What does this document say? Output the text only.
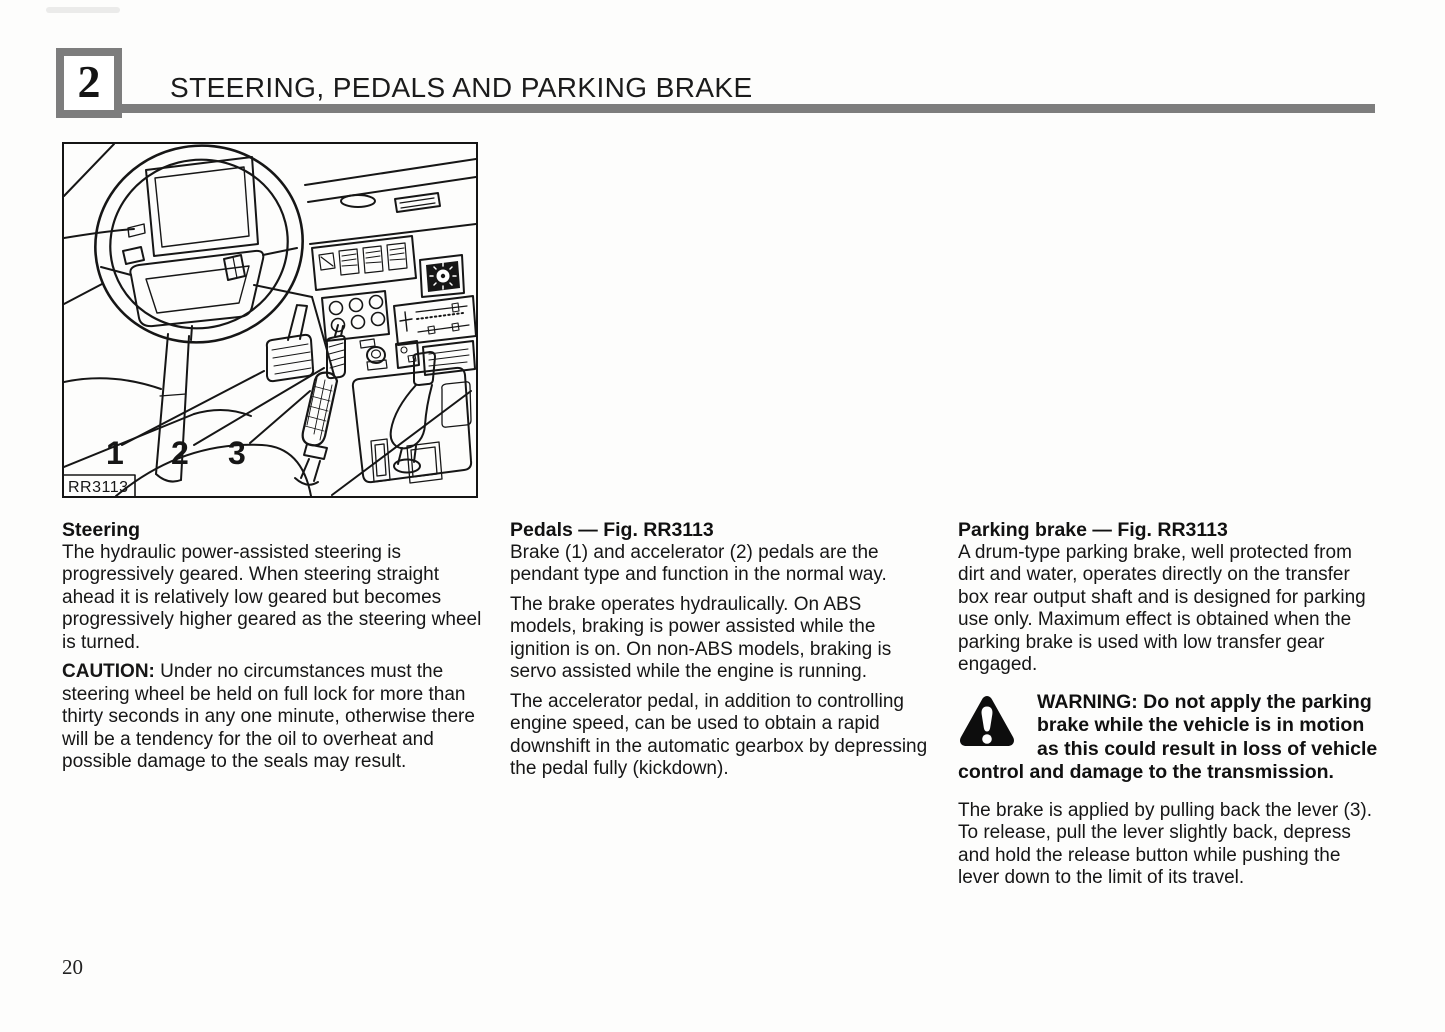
2 STEERING, PEDALS AND PARKING BRAKE
1 2 3
RR3113
Steering

The hydraulic power-assisted steering is progressively geared. When steering straight ahead it is relatively low geared but becomes progressively higher geared as the steering wheel is turned.

CAUTION: Under no circumstances must the steering wheel be held on full lock for more than thirty seconds in any one minute, otherwise there will be a tendency for the oil to overheat and possible damage to the seals may result.

Pedals — Fig. RR3113

Brake (1) and accelerator (2) pedals are the pendant type and function in the normal way.

The brake operates hydraulically. On ABS models, braking is power assisted while the ignition is on. On non-ABS models, braking is servo assisted while the engine is running.

The accelerator pedal, in addition to controlling engine speed, can be used to obtain a rapid downshift in the automatic gearbox by depressing the pedal fully (kickdown).

Parking brake — Fig. RR3113

A drum-type parking brake, well protected from dirt and water, operates directly on the transfer box rear output shaft and is designed for parking use only. Maximum effect is obtained when the parking brake is used with low transfer gear engaged.

WARNING: Do not apply the parking brake while the vehicle is in motion as this could result in loss of vehicle control and damage to the transmission.

The brake is applied by pulling back the lever (3). To release, pull the lever slightly back, depress and hold the release button while pushing the lever down to the limit of its travel.

20
